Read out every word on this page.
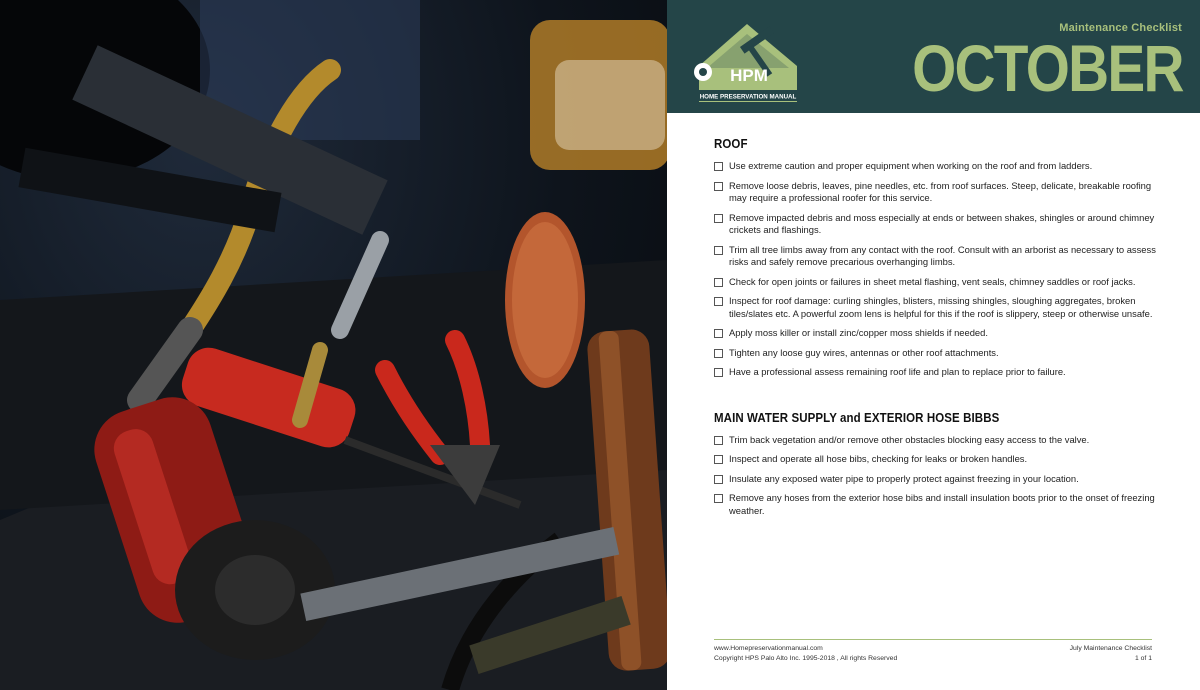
HPM
HOME PRESERVATION MANUAL
Maintenance Checklist
OCTOBER
ROOF
Use extreme caution and proper equipment when working on the roof and from ladders.
Remove loose debris, leaves, pine needles, etc. from roof surfaces. Steep, delicate, breakable roofing may require a professional roofer for this service.
Remove impacted debris and moss especially at ends or between shakes, shingles or around chimney crickets and flashings.
Trim all tree limbs away from any contact with the roof. Consult with an arborist as necessary to assess risks and safely remove precarious overhanging limbs.
Check for open joints or failures in sheet metal flashing, vent seals, chimney saddles or roof jacks.
Inspect for roof damage: curling shingles, blisters, missing shingles, sloughing aggregates, broken tiles/slates etc. A powerful zoom lens is helpful for this if the roof is slippery, steep or otherwise unsafe.
Apply moss killer or install zinc/copper moss shields if needed.
Tighten any loose guy wires, antennas or other roof attachments.
Have a professional assess remaining roof life and plan to replace prior to failure.
MAIN WATER SUPPLY and EXTERIOR HOSE BIBBS
Trim back vegetation and/or remove other obstacles blocking easy access to the valve.
Inspect and operate all hose bibs, checking for leaks or broken handles.
Insulate any exposed water pipe to properly protect against freezing in your location.
Remove any hoses from the exterior hose bibs and install insulation boots prior to the onset of freezing weather.
www.Homepreservationmanual.com
Copyright HPS Palo Alto Inc. 1995-2018 , All rights Reserved
July Maintenance Checklist
1 of 1
